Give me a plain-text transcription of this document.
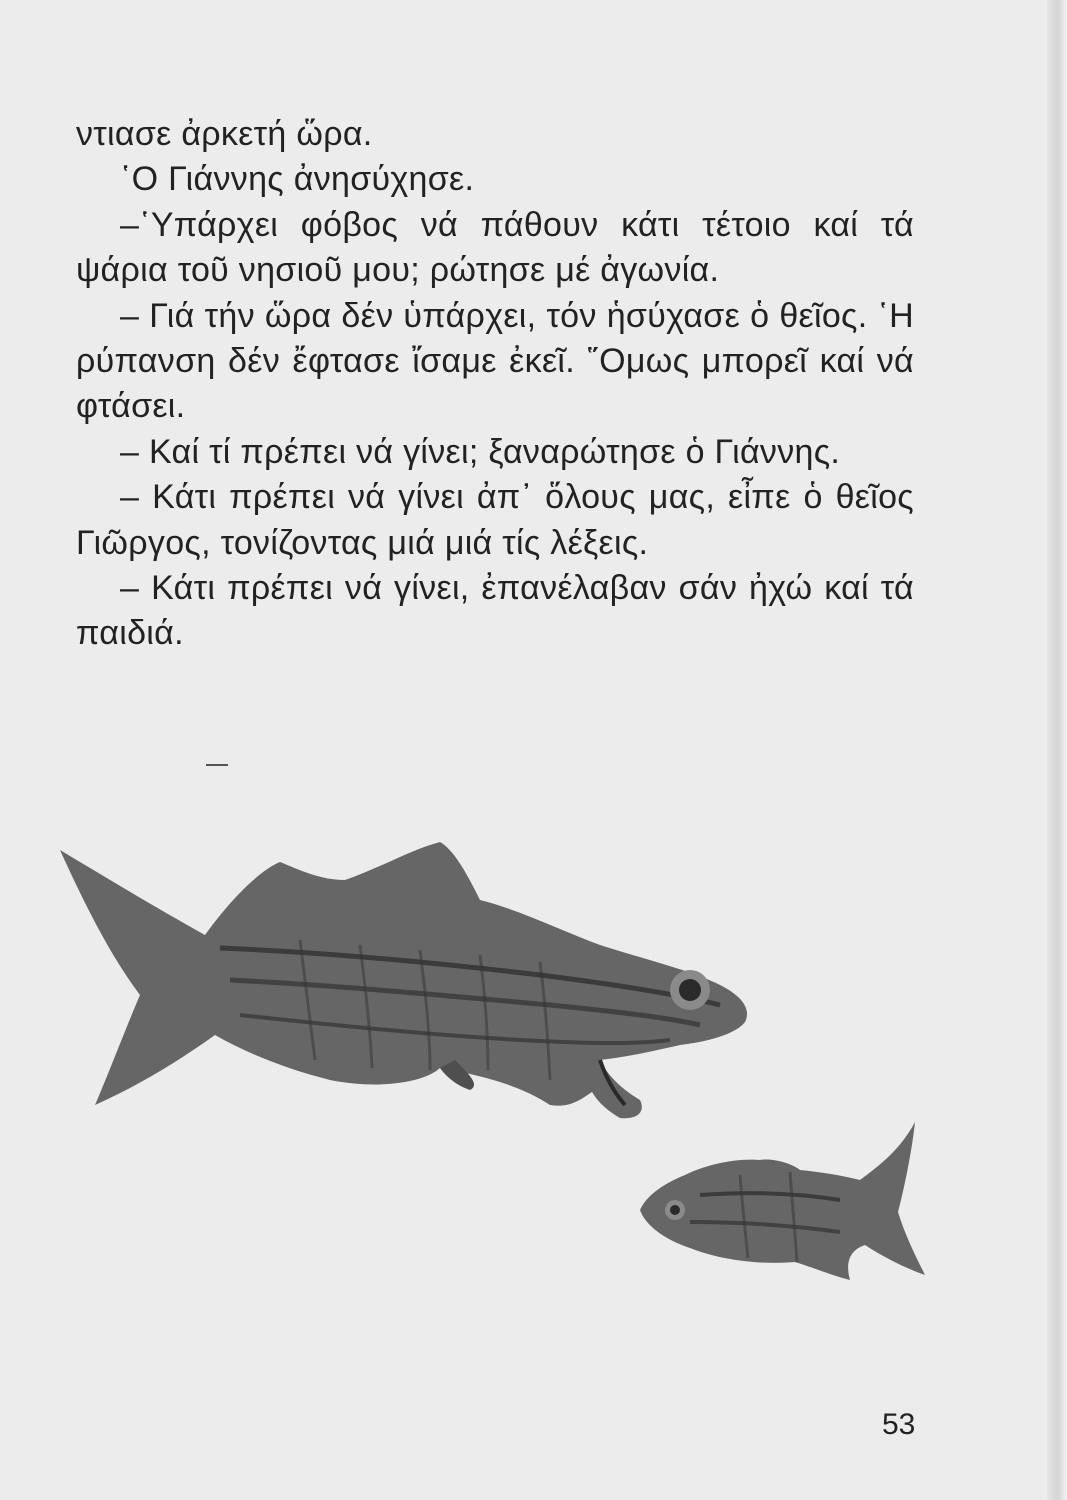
ντιασε ἀρκετή ὥρα.

῾Ο Γιάννης ἀνησύχησε.

–῾Υπάρχει φόβος νά πάθουν κάτι τέτοιο καί τά ψάρια τοῦ νησιοῦ μου; ρώτησε μέ ἀγωνία.

– Γιά τήν ὥρα δέν ὑπάρχει, τόν ἡσύχασε ὁ θεῖος. ῾Η ρύπανση δέν ἔφτασε ἴσαμε ἐκεῖ. ῞Ομως μπορεῖ καί νά φτάσει.

– Καί τί πρέπει νά γίνει; ξαναρώτησε ὁ Γιάννης.

– Κάτι πρέπει νά γίνει ἀπ᾿ ὅλους μας, εἶπε ὁ θεῖος Γιῶργος, τονίζοντας μιά μιά τίς λέξεις.

– Κάτι πρέπει νά γίνει, ἐπανέλαβαν σάν ἠχώ καί τά παιδιά.

53
